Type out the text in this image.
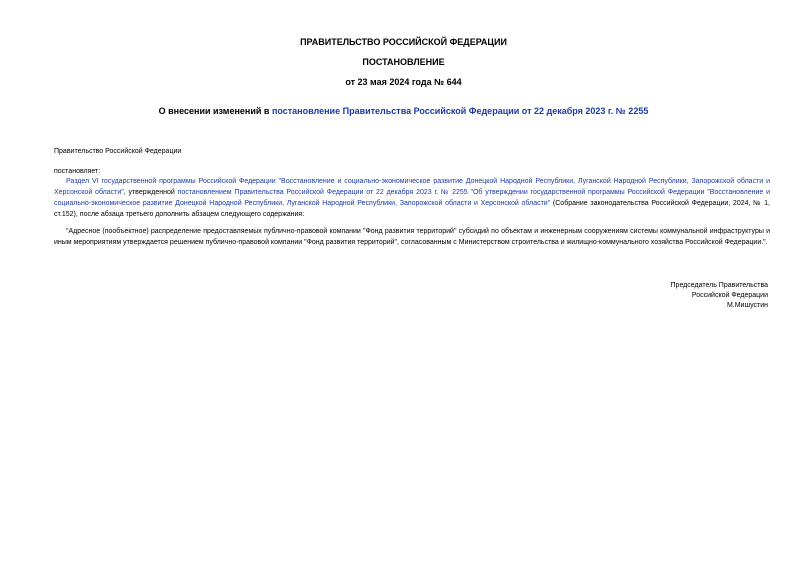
ПРАВИТЕЛЬСТВО РОССИЙСКОЙ ФЕДЕРАЦИИ
ПОСТАНОВЛЕНИЕ
от 23 мая 2024 года № 644
О внесении изменений в постановление Правительства Российской Федерации от 22 декабря 2023 г. № 2255
Правительство Российской Федерации
постановляет:
Раздел VI государственной программы Российской Федерации "Восстановление и социально-экономическое развитие Донецкой Народной Республики, Луганской Народной Республики, Запорожской области и Херсонской области", утвержденной постановлением Правительства Российской Федерации от 22 декабря 2023 г. № 2255 "Об утверждении государственной программы Российской Федерации "Восстановление и социально-экономическое развитие Донецкой Народной Республики, Луганской Народной Республики, Запорожской области и Херсонской области" (Собрание законодательства Российской Федерации, 2024, № 1, ст.152), после абзаца третьего дополнить абзацем следующего содержания:
"Адресное (пообъектное) распределение предоставляемых публично-правовой компании "Фонд развития территорий" субсидий по объектам и инженерным сооружениям системы коммунальной инфраструктуры и иным мероприятиям утверждается решением публично-правовой компании "Фонд развития территорий", согласованным с Министерством строительства и жилищно-коммунального хозяйства Российской Федерации.".
Председатель Правительства
Российской Федерации
М.Мишустин
